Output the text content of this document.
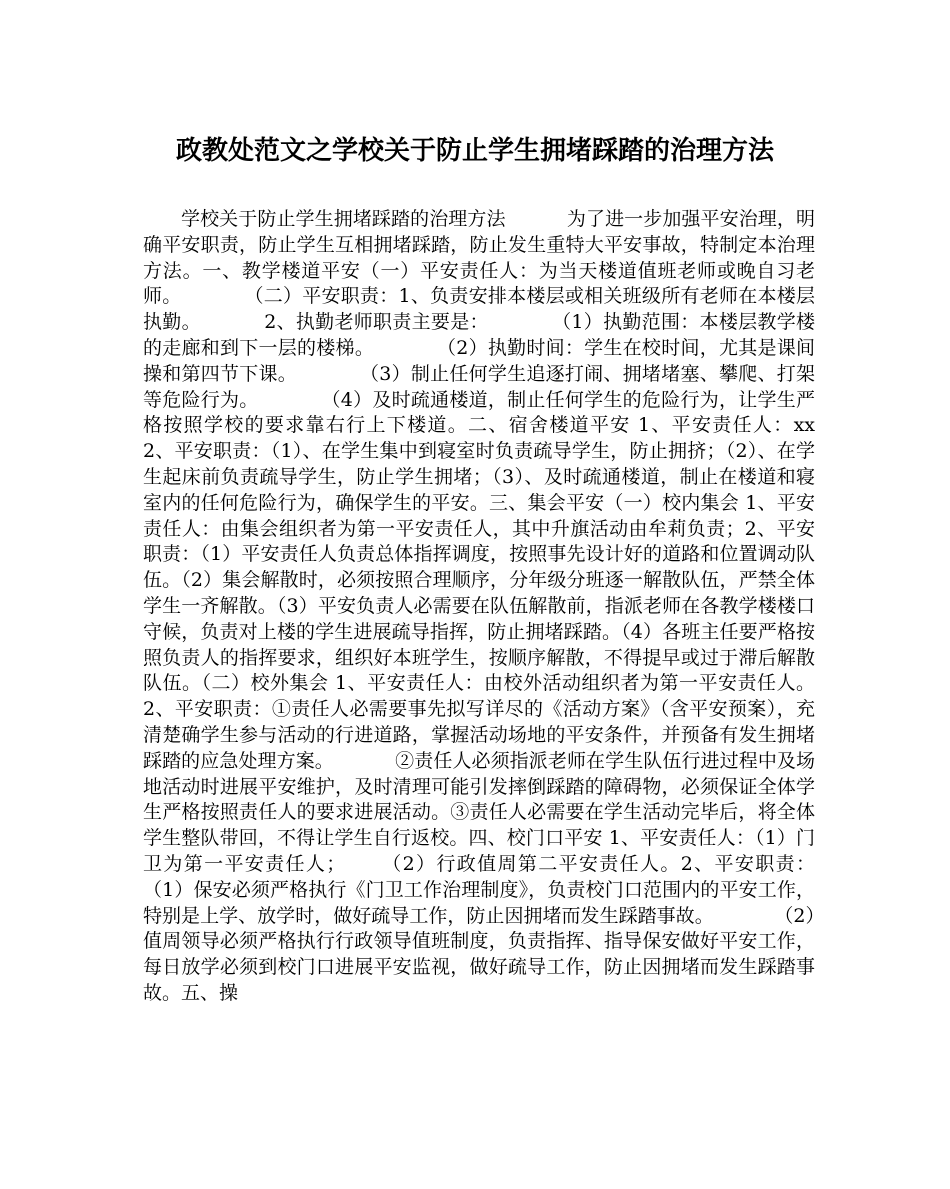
政教处范文之学校关于防止学生拥堵踩踏的治理方法

学校关于防止学生拥堵踩踏的治理方法          为了进一步加强平安治理，明确平安职责，防止学生互相拥堵踩踏，防止发生重特大平安事故，特制定本治理方法。一、教学楼道平安（一）平安责任人：为当天楼道值班老师或晚自习老师。          （二）平安职责：1、负责安排本楼层或相关班级所有老师在本楼层执勤。          2、执勤老师职责主要是：          （1）执勤范围：本楼层教学楼的走廊和到下一层的楼梯。          （2）执勤时间：学生在校时间，尤其是课间操和第四节下课。          （3）制止任何学生追逐打闹、拥堵堵塞、攀爬、打架等危险行为。          （4）及时疏通楼道，制止任何学生的危险行为，让学生严格按照学校的要求靠右行上下楼道。二、宿舍楼道平安 1、平安责任人：xx          2、平安职责：（1）、在学生集中到寝室时负责疏导学生，防止拥挤；（2）、在学生起床前负责疏导学生，防止学生拥堵；（3）、及时疏通楼道，制止在楼道和寝室内的任何危险行为，确保学生的平安。三、集会平安（一）校内集会 1、平安责任人：由集会组织者为第一平安责任人，其中升旗活动由牟莉负责；2、平安职责：（1）平安责任人负责总体指挥调度，按照事先设计好的道路和位置调动队伍。（2）集会解散时，必须按照合理顺序，分年级分班逐一解散队伍，严禁全体学生一齐解散。（3）平安负责人必需要在队伍解散前，指派老师在各教学楼楼口守候，负责对上楼的学生进展疏导指挥，防止拥堵踩踏。（4）各班主任要严格按照负责人的指挥要求，组织好本班学生，按顺序解散，不得提早或过于滞后解散队伍。（二）校外集会 1、平安责任人：由校外活动组织者为第一平安责任人。2、平安职责：①责任人必需要事先拟写详尽的《活动方案》（含平安预案），充清楚确学生参与活动的行进道路，掌握活动场地的平安条件，并预备有发生拥堵踩踏的应急处理方案。          ②责任人必须指派老师在学生队伍行进过程中及场地活动时进展平安维护，及时清理可能引发摔倒踩踏的障碍物，必须保证全体学生严格按照责任人的要求进展活动。③责任人必需要在学生活动完毕后，将全体学生整队带回，不得让学生自行返校。四、校门口平安 1、平安责任人：（1）门卫为第一平安责任人；     （2）行政值周第二平安责任人。2、平安职责：          （1）保安必须严格执行《门卫工作治理制度》，负责校门口范围内的平安工作，特别是上学、放学时，做好疏导工作，防止因拥堵而发生踩踏事故。          （2）值周领导必须严格执行行政领导值班制度，负责指挥、指导保安做好平安工作，每日放学必须到校门口进展平安监视，做好疏导工作，防止因拥堵而发生踩踏事故。五、操
